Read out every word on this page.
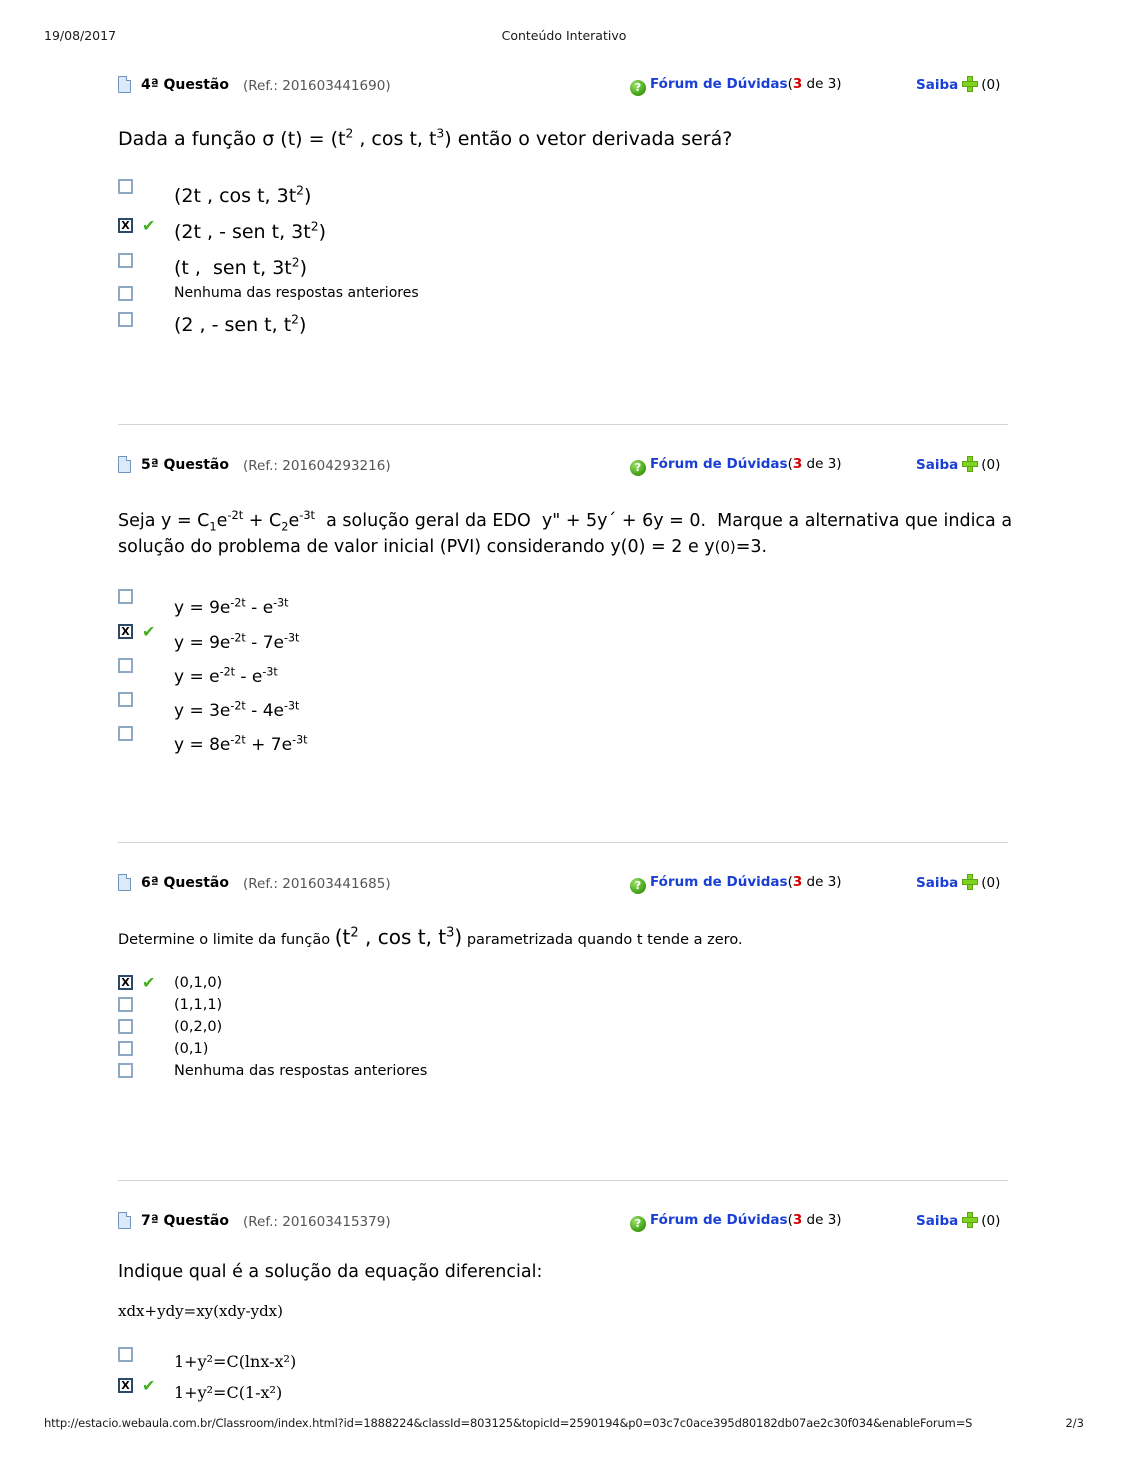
19/08/2017	Conteúdo Interativo
4ª Questão (Ref.: 201603441690)	? Fórum de Dúvidas(3 de 3)	Saiba (0)
Dada a função σ $(t) = (t^2$ , cos t, $t^3$) então o vetor derivada será?
(2t , cos t, $3t^2$)
X ✔ (2t , - sen t, $3t^2$)
(t ,  sen t, $3t^2$)
Nenhuma das respostas anteriores
(2 , - sen t, $t^2$)
5ª Questão (Ref.: 201604293216)	? Fórum de Dúvidas(3 de 3)	Saiba (0)
Seja $y = C_1e^{-2t} + C_2e^{-3t}$  a solução geral da EDO  y" + 5y´ + 6y = 0.  Marque a alternativa que indica a solução do problema de valor inicial (PVI) considerando y(0) = 2 e y(0)=3.
$y = 9e^{-2t} - e^{-3t}$
X ✔
$y = 9e^{-2t} - 7e^{-3t}$
$y = e^{-2t} - e^{-3t}$
$y = 3e^{-2t} - 4e^{-3t}$
$y = 8e^{-2t} + 7e^{-3t}$
6ª Questão (Ref.: 201603441685)	? Fórum de Dúvidas(3 de 3)	Saiba (0)
Determine o limite da função ($t^2$ , cos t, $t^3$) parametrizada quando t tende a zero.
X ✔ (0,1,0)
(1,1,1)
(0,2,0)
(0,1)
Nenhuma das respostas anteriores
7ª Questão (Ref.: 201603415379)	? Fórum de Dúvidas(3 de 3)	Saiba (0)
Indique qual é a solução da equação diferencial:
xdx+ydy=xy(xdy-ydx)
1+y²=C(lnx-x²)
X ✔ 1+y²=C(1-x²)
http://estacio.webaula.com.br/Classroom/index.html?id=1888224&classId=803125&topicId=2590194&p0=03c7c0ace395d80182db07ae2c30f034&enableForum=S	2/3
